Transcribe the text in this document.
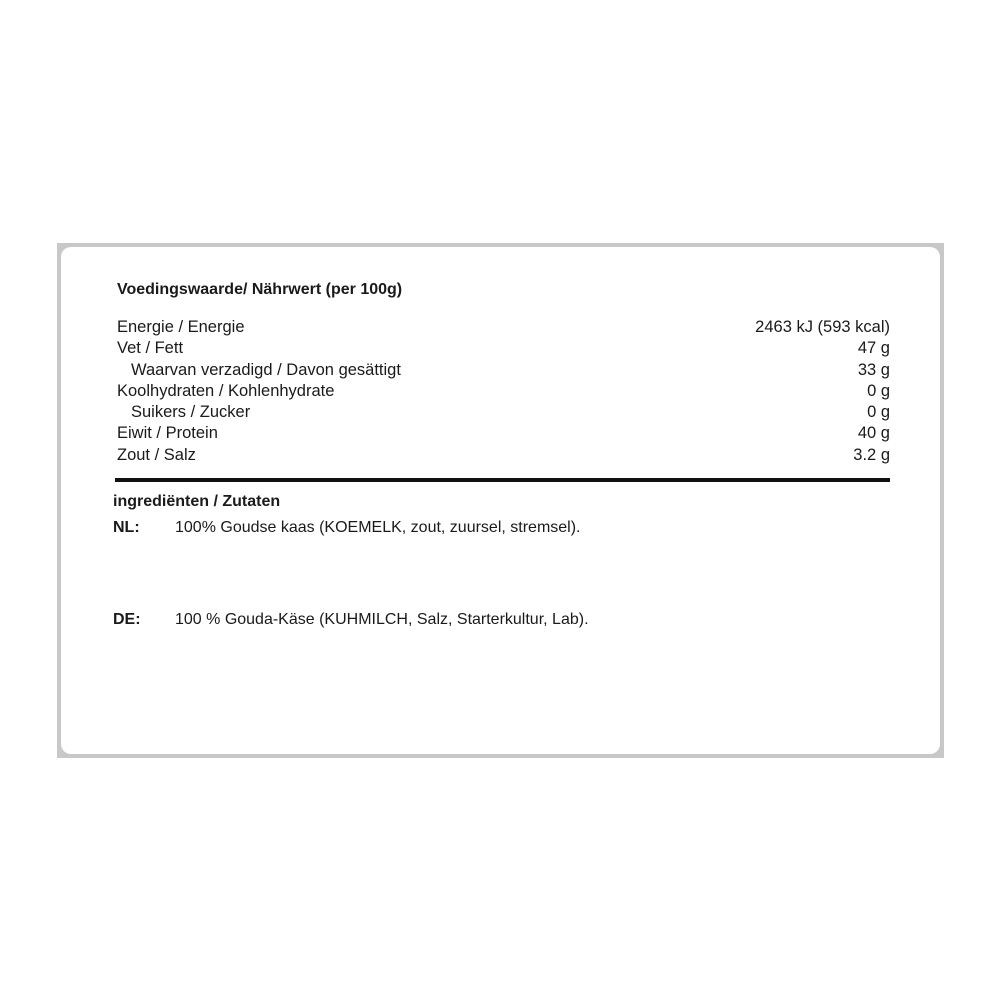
Voedingswaarde/ Nährwert (per 100g)
Energie / Energie	2463 kJ (593 kcal)
Vet / Fett	47 g
Waarvan verzadigd / Davon gesättigt	33 g
Koolhydraten / Kohlenhydrate	0 g
Suikers / Zucker	0 g
Eiwit / Protein	40 g
Zout / Salz	3.2 g
ingrediënten / Zutaten
NL:	100% Goudse kaas (KOEMELK, zout, zuursel, stremsel).
DE:	100 % Gouda-Käse (KUHMILCH, Salz, Starterkultur, Lab).
